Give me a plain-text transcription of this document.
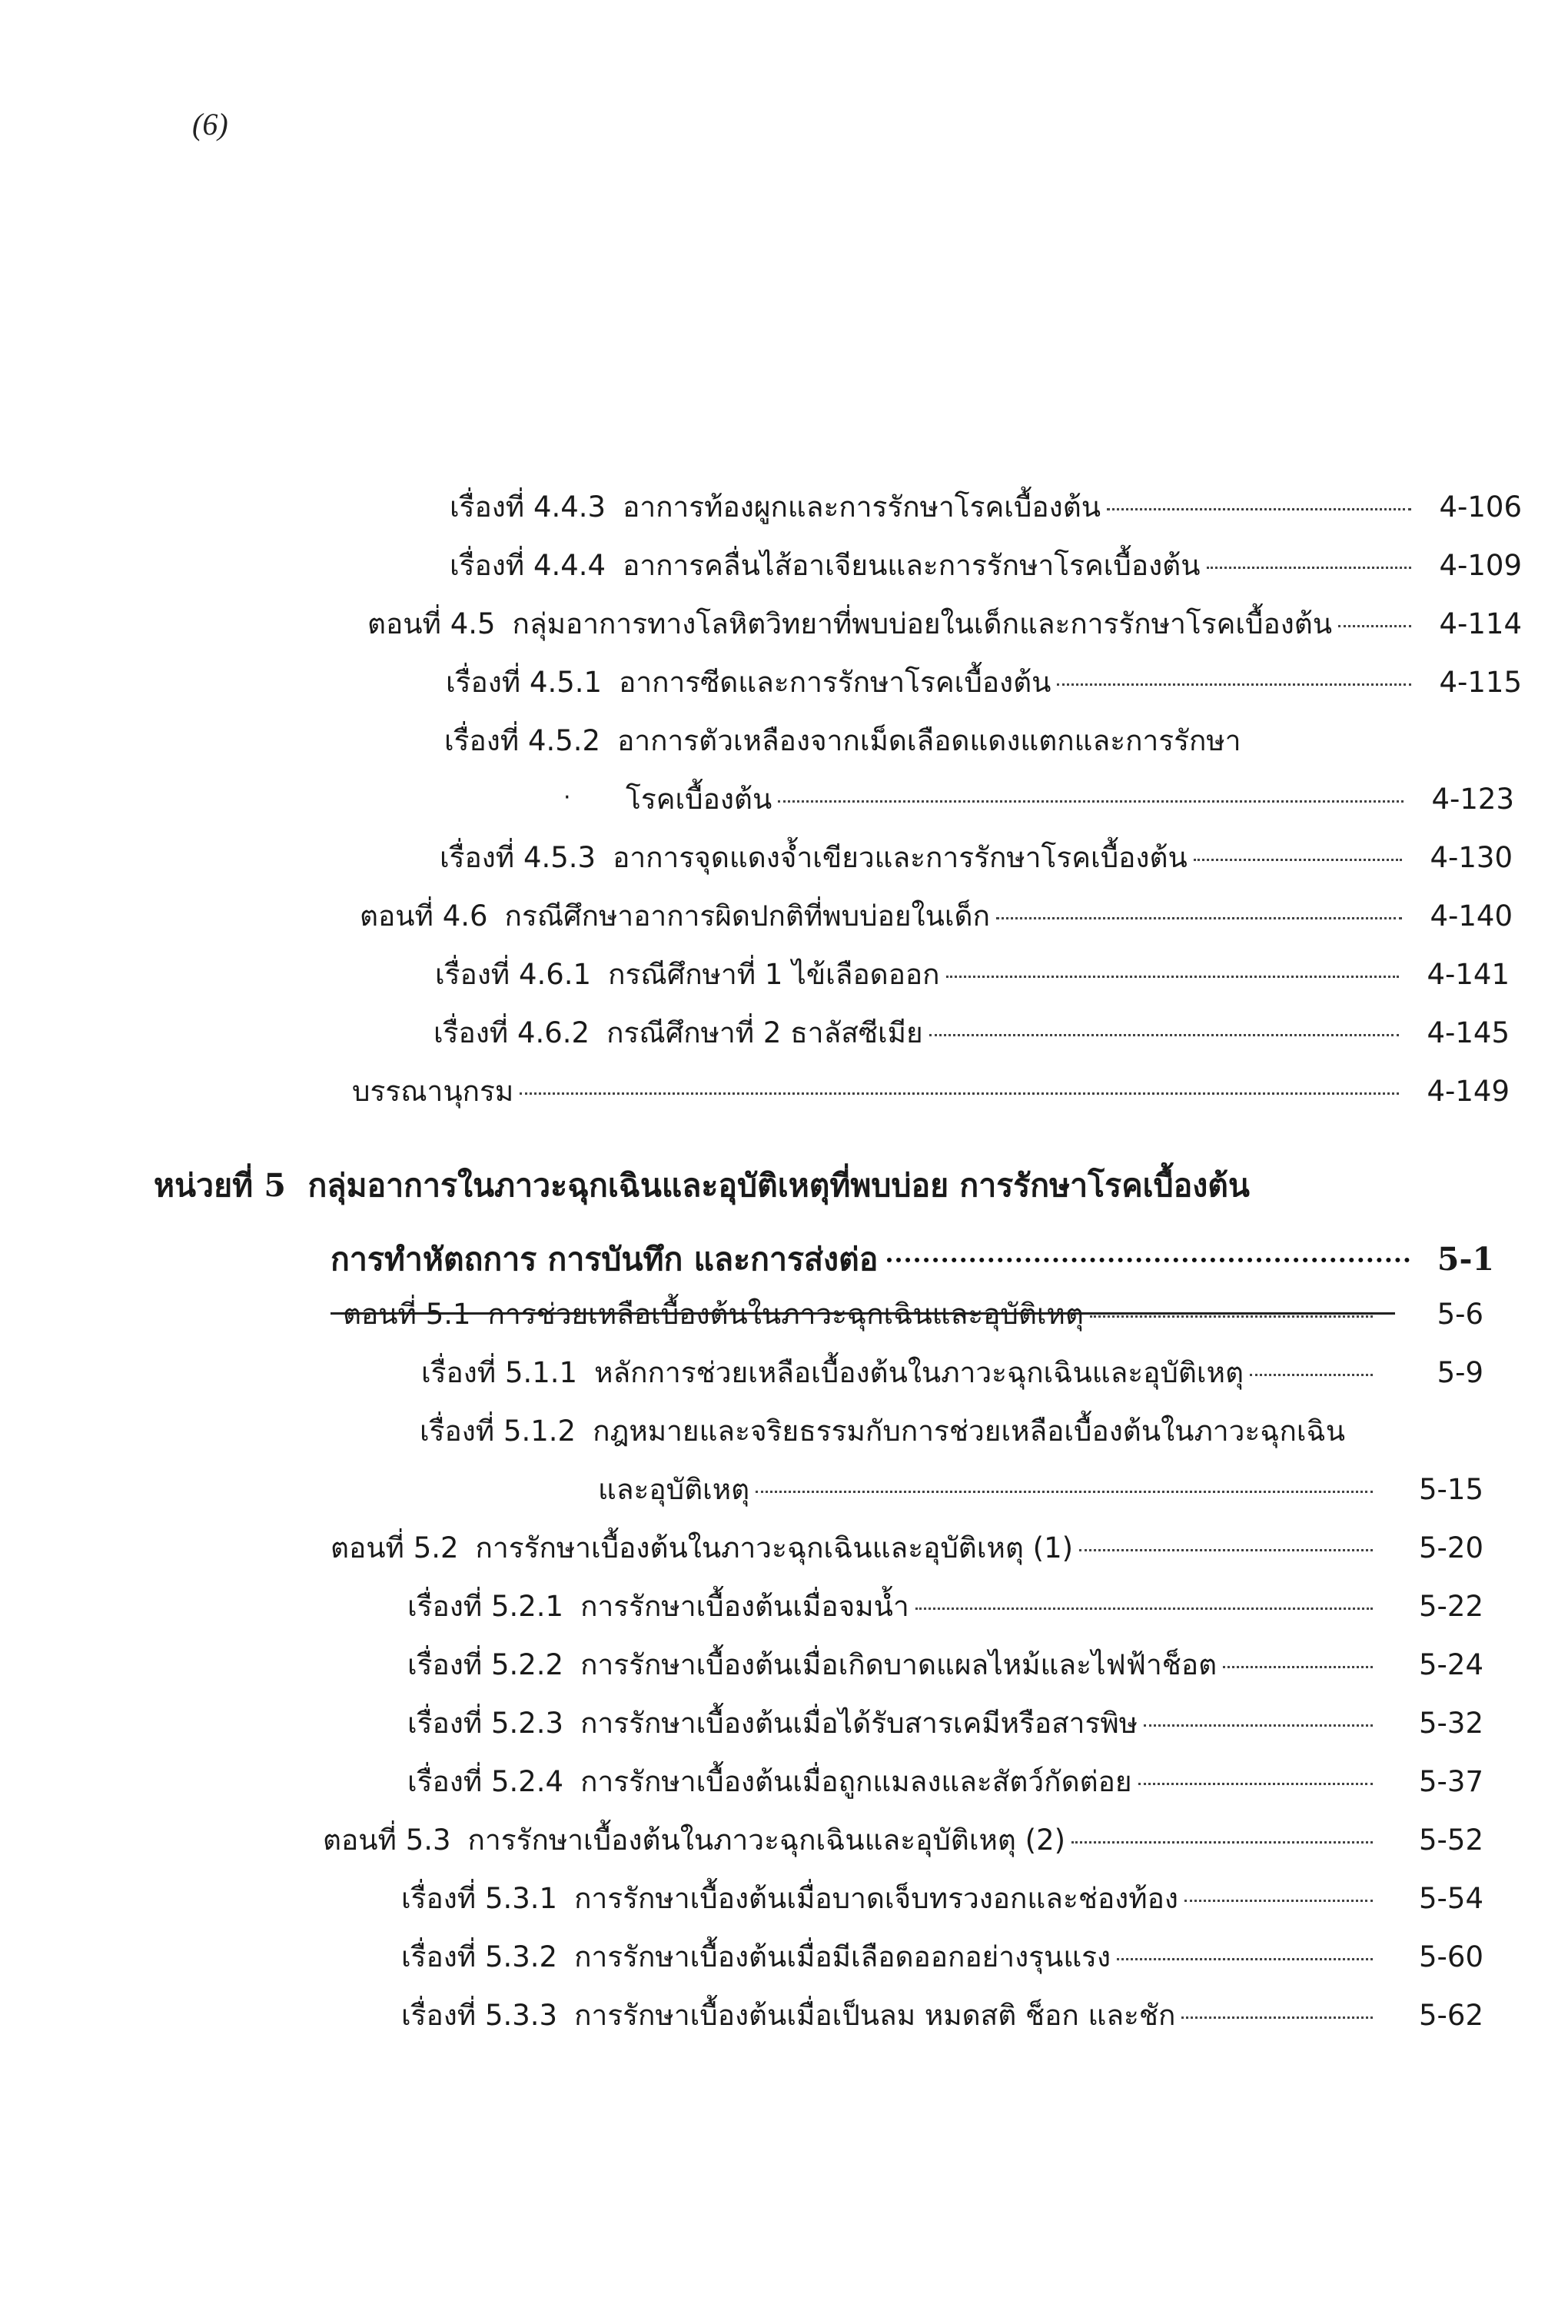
(6)
เรื่องที่ 4.4.3 อาการท้องผูกและการรักษาโรคเบื้องต้น	4-106
เรื่องที่ 4.4.4 อาการคลื่นไส้อาเจียนและการรักษาโรคเบื้องต้น	4-109
ตอนที่ 4.5 กลุ่มอาการทางโลหิตวิทยาที่พบบ่อยในเด็กและการรักษาโรคเบื้องต้น	4-114
เรื่องที่ 4.5.1 อาการซีดและการรักษาโรคเบื้องต้น	4-115
เรื่องที่ 4.5.2 อาการตัวเหลืองจากเม็ดเลือดแดงแตกและการรักษา
· โรคเบื้องต้น	4-123
เรื่องที่ 4.5.3 อาการจุดแดงจ้ำเขียวและการรักษาโรคเบื้องต้น	4-130
ตอนที่ 4.6 กรณีศึกษาอาการผิดปกติที่พบบ่อยในเด็ก	4-140
เรื่องที่ 4.6.1 กรณีศึกษาที่ 1 ไข้เลือดออก	4-141
เรื่องที่ 4.6.2 กรณีศึกษาที่ 2 ธาลัสซีเมีย	4-145
บรรณานุกรม	4-149
หน่วยที่ 5 กลุ่มอาการในภาวะฉุกเฉินและอุบัติเหตุที่พบบ่อย การรักษาโรคเบื้องต้น
การทำหัตถการ การบันทึก และการส่งต่อ	5-1
ตอนที่ 5.1 การช่วยเหลือเบื้องต้นในภาวะฉุกเฉินและอุบัติเหตุ	5-6
เรื่องที่ 5.1.1 หลักการช่วยเหลือเบื้องต้นในภาวะฉุกเฉินและอุบัติเหตุ	5-9
เรื่องที่ 5.1.2 กฎหมายและจริยธรรมกับการช่วยเหลือเบื้องต้นในภาวะฉุกเฉิน
และอุบัติเหตุ	5-15
ตอนที่ 5.2 การรักษาเบื้องต้นในภาวะฉุกเฉินและอุบัติเหตุ (1)	5-20
เรื่องที่ 5.2.1 การรักษาเบื้องต้นเมื่อจมน้ำ	5-22
เรื่องที่ 5.2.2 การรักษาเบื้องต้นเมื่อเกิดบาดแผลไหม้และไฟฟ้าช็อต	5-24
เรื่องที่ 5.2.3 การรักษาเบื้องต้นเมื่อได้รับสารเคมีหรือสารพิษ	5-32
เรื่องที่ 5.2.4 การรักษาเบื้องต้นเมื่อถูกแมลงและสัตว์กัดต่อย	5-37
ตอนที่ 5.3 การรักษาเบื้องต้นในภาวะฉุกเฉินและอุบัติเหตุ (2)	5-52
เรื่องที่ 5.3.1 การรักษาเบื้องต้นเมื่อบาดเจ็บทรวงอกและช่องท้อง	5-54
เรื่องที่ 5.3.2 การรักษาเบื้องต้นเมื่อมีเลือดออกอย่างรุนแรง	5-60
เรื่องที่ 5.3.3 การรักษาเบื้องต้นเมื่อเป็นลม หมดสติ ช็อก และชัก	5-62
